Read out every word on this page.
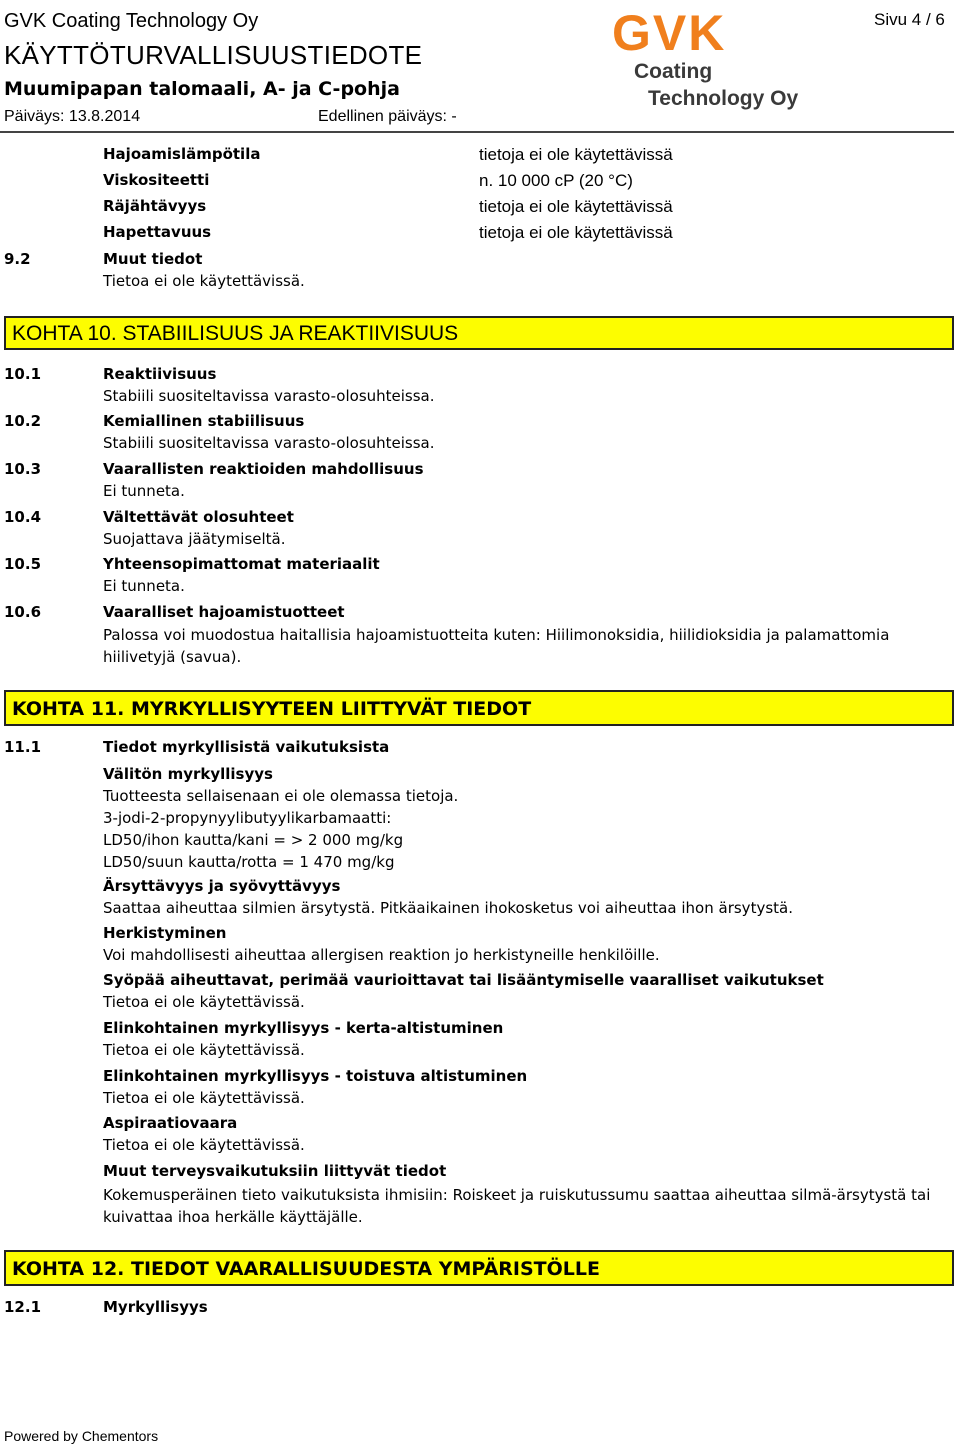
GVK Coating Technology Oy
KÄYTTÖTURVALLISUUSTIEDOTE
Muumipapan talomaali, A- ja C-pohja
Päiväys: 13.8.2014	Edellinen päiväys: -
Sivu 4 / 6
GVK
Coating
Technology Oy
Hajoamislämpötila	tietoja ei ole käytettävissä
Viskositeetti	n. 10 000 cP (20 °C)
Räjähtävyys	tietoja ei ole käytettävissä
Hapettavuus	tietoja ei ole käytettävissä
9.2	Muut tiedot
Tietoa ei ole käytettävissä.
KOHTA 10. STABIILISUUS JA REAKTIIVISUUS
10.1	Reaktiivisuus
Stabiili suositeltavissa varasto-olosuhteissa.
10.2	Kemiallinen stabiilisuus
Stabiili suositeltavissa varasto-olosuhteissa.
10.3	Vaarallisten reaktioiden mahdollisuus
Ei tunneta.
10.4	Vältettävät olosuhteet
Suojattava jäätymiseltä.
10.5	Yhteensopimattomat materiaalit
Ei tunneta.
10.6	Vaaralliset hajoamistuotteet
Palossa voi muodostua haitallisia hajoamistuotteita kuten: Hiilimonoksidia, hiilidioksidia ja palamattomia hiilivetyjä (savua).
KOHTA 11. MYRKYLLISYYTEEN LIITTYVÄT TIEDOT
11.1	Tiedot myrkyllisistä vaikutuksista
Välitön myrkyllisyys
Tuotteesta sellaisenaan ei ole olemassa tietoja.
3-jodi-2-propynyylibutyylikarbamaatti:
LD50/ihon kautta/kani = > 2 000 mg/kg
LD50/suun kautta/rotta = 1 470 mg/kg
Ärsyttävyys ja syövyttävyys
Saattaa aiheuttaa silmien ärsytystä. Pitkäaikainen ihokosketus voi aiheuttaa ihon ärsytystä.
Herkistyminen
Voi mahdollisesti aiheuttaa allergisen reaktion jo herkistyneille henkilöille.
Syöpää aiheuttavat, perimää vaurioittavat tai lisääntymiselle vaaralliset vaikutukset
Tietoa ei ole käytettävissä.
Elinkohtainen myrkyllisyys - kerta-altistuminen
Tietoa ei ole käytettävissä.
Elinkohtainen myrkyllisyys - toistuva altistuminen
Tietoa ei ole käytettävissä.
Aspiraatiovaara
Tietoa ei ole käytettävissä.
Muut terveysvaikutuksiin liittyvät tiedot
Kokemusperäinen tieto vaikutuksista ihmisiin: Roiskeet ja ruiskutussumu saattaa aiheuttaa silmä-ärsytystä tai kuivattaa ihoa herkälle käyttäjälle.
KOHTA 12. TIEDOT VAARALLISUUDESTA YMPÄRISTÖLLE
12.1	Myrkyllisyys
Powered by Chementors
